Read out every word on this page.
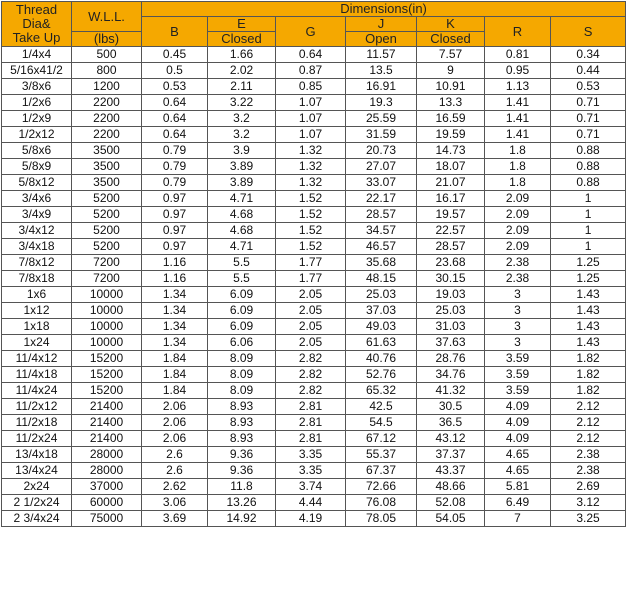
Thread
Dia&
Take Up	W.L.L.	Dimensions(in)						
		B	E	G	J	K	R	S
	(lbs)		Closed		Open	Closed		
1/4x4	500	0.45	1.66	0.64	11.57	7.57	0.81	0.34
5/16x41/2	800	0.5	2.02	0.87	13.5	9	0.95	0.44
3/8x6	1200	0.53	2.11	0.85	16.91	10.91	1.13	0.53
1/2x6	2200	0.64	3.22	1.07	19.3	13.3	1.41	0.71
1/2x9	2200	0.64	3.2	1.07	25.59	16.59	1.41	0.71
1/2x12	2200	0.64	3.2	1.07	31.59	19.59	1.41	0.71
5/8x6	3500	0.79	3.9	1.32	20.73	14.73	1.8	0.88
5/8x9	3500	0.79	3.89	1.32	27.07	18.07	1.8	0.88
5/8x12	3500	0.79	3.89	1.32	33.07	21.07	1.8	0.88
3/4x6	5200	0.97	4.71	1.52	22.17	16.17	2.09	1
3/4x9	5200	0.97	4.68	1.52	28.57	19.57	2.09	1
3/4x12	5200	0.97	4.68	1.52	34.57	22.57	2.09	1
3/4x18	5200	0.97	4.71	1.52	46.57	28.57	2.09	1
7/8x12	7200	1.16	5.5	1.77	35.68	23.68	2.38	1.25
7/8x18	7200	1.16	5.5	1.77	48.15	30.15	2.38	1.25
1x6	10000	1.34	6.09	2.05	25.03	19.03	3	1.43
1x12	10000	1.34	6.09	2.05	37.03	25.03	3	1.43
1x18	10000	1.34	6.09	2.05	49.03	31.03	3	1.43
1x24	10000	1.34	6.06	2.05	61.63	37.63	3	1.43
11/4x12	15200	1.84	8.09	2.82	40.76	28.76	3.59	1.82
11/4x18	15200	1.84	8.09	2.82	52.76	34.76	3.59	1.82
11/4x24	15200	1.84	8.09	2.82	65.32	41.32	3.59	1.82
11/2x12	21400	2.06	8.93	2.81	42.5	30.5	4.09	2.12
11/2x18	21400	2.06	8.93	2.81	54.5	36.5	4.09	2.12
11/2x24	21400	2.06	8.93	2.81	67.12	43.12	4.09	2.12
13/4x18	28000	2.6	9.36	3.35	55.37	37.37	4.65	2.38
13/4x24	28000	2.6	9.36	3.35	67.37	43.37	4.65	2.38
2x24	37000	2.62	11.8	3.74	72.66	48.66	5.81	2.69
2 1/2x24	60000	3.06	13.26	4.44	76.08	52.08	6.49	3.12
2 3/4x24	75000	3.69	14.92	4.19	78.05	54.05	7	3.25
